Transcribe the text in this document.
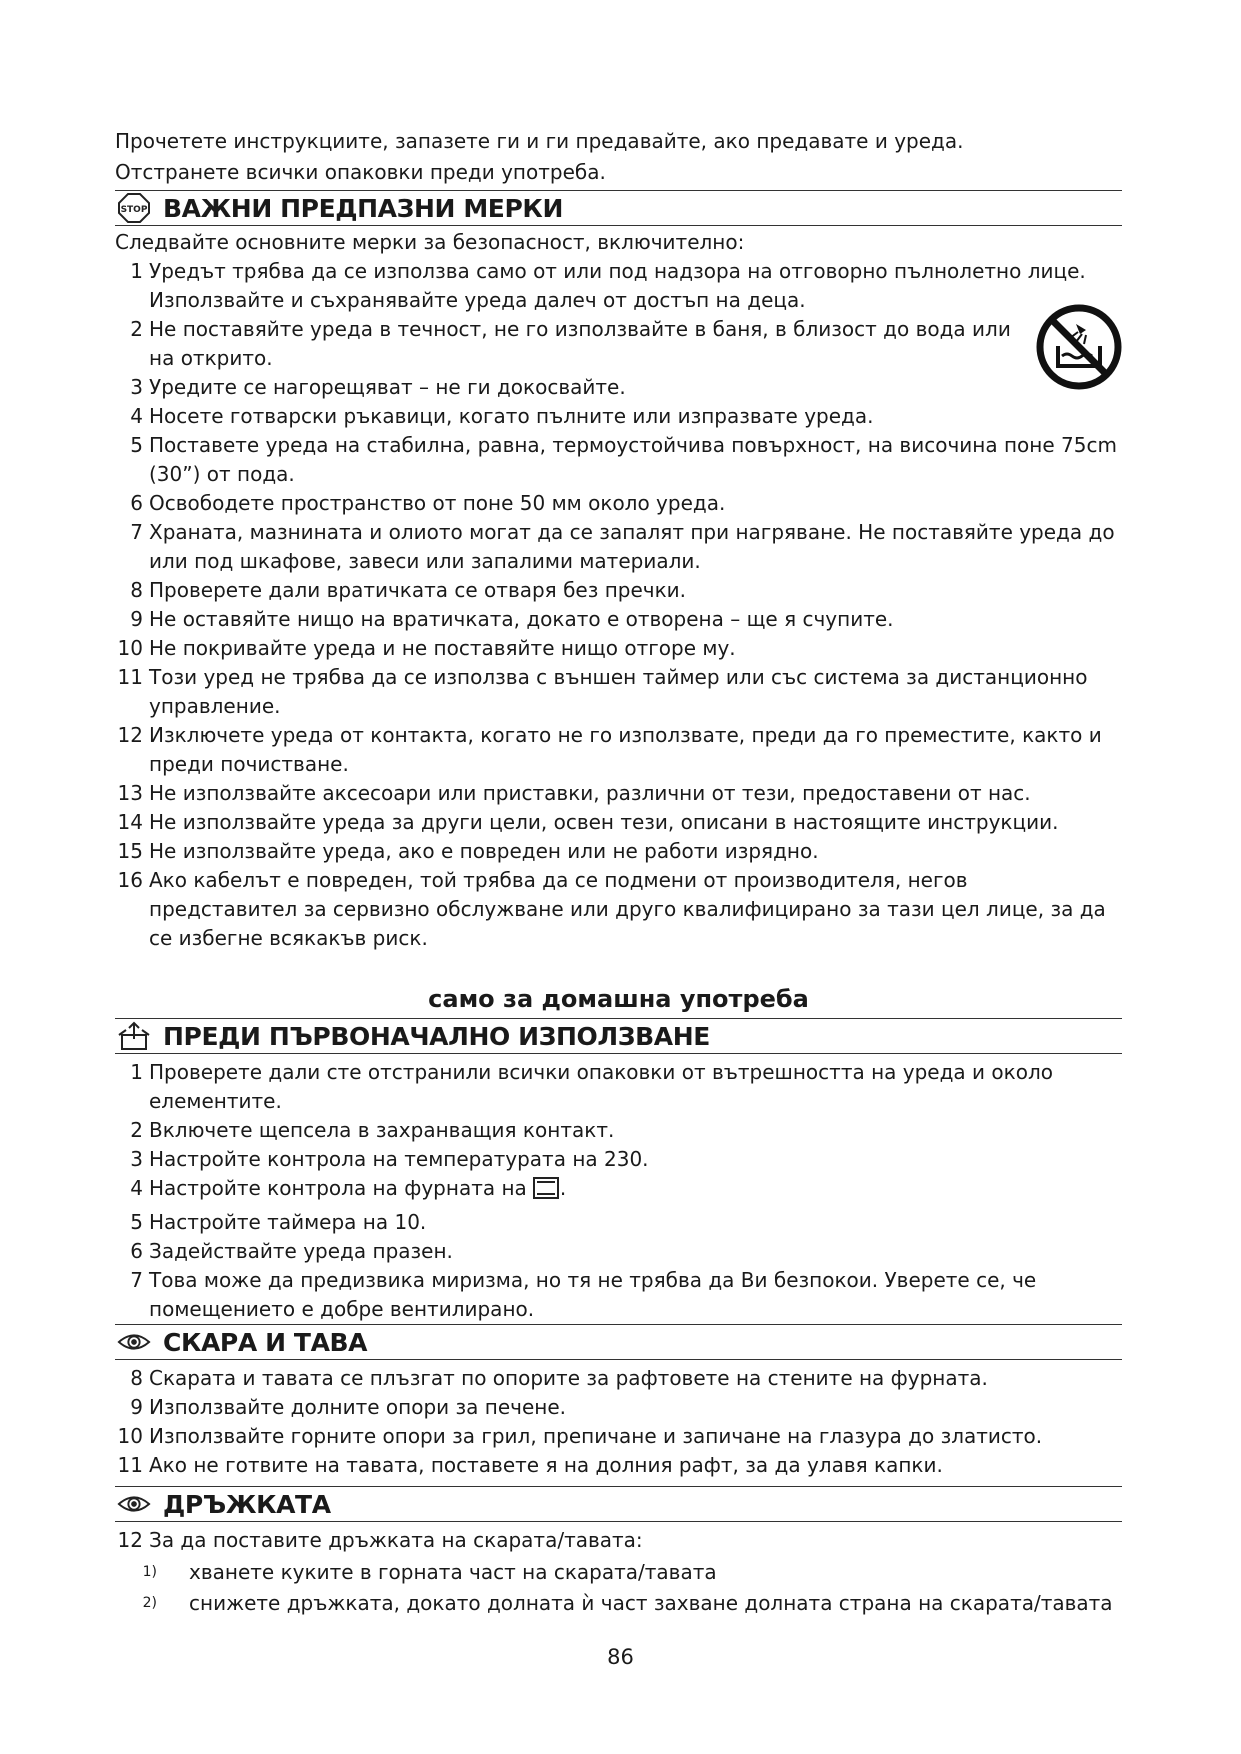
Прочетете инструкциите, запазете ги и ги предавайте, ако предавате и уреда.
Отстранете всички опаковки преди употреба.
STOP ВАЖНИ ПРЕДПАЗНИ МЕРКИ
Следвайте основните мерки за безопасност, включително:
1 Уредът трябва да се използва само от или под надзора на отговорно пълнолетно лице. Използвайте и съхранявайте уреда далеч от достъп на деца.
2 Не поставяйте уреда в течност, не го използвайте в баня, в близост до вода или на открито.
3 Уредите се нагорещяват – не ги докосвайте.
4 Носете готварски ръкавици, когато пълните или изпразвате уреда.
5 Поставете уреда на стабилна, равна, термоустойчива повърхност, на височина поне 75cm (30”) от пода.
6 Освободете пространство от поне 50 мм около уреда.
7 Храната, мазнината и олиото могат да се запалят при нагряване. Не поставяйте уреда до или под шкафове, завеси или запалими материали.
8 Проверете дали вратичката се отваря без пречки.
9 Не оставяйте нищо на вратичката, докато е отворена – ще я счупите.
10 Не покривайте уреда и не поставяйте нищо отгоре му.
11 Този уред не трябва да се използва с външен таймер или със система за дистанционно управление.
12 Изключете уреда от контакта, когато не го използвате, преди да го преместите, както и преди почистване.
13 Не използвайте аксесоари или приставки, различни от тези, предоставени от нас.
14 Не използвайте уреда за други цели, освен тези, описани в настоящите инструкции.
15 Не използвайте уреда, ако е повреден или не работи изрядно.
16 Ако кабелът е повреден, той трябва да се подмени от производителя, негов представител за сервизно обслужване или друго квалифицирано за тази цел лице, за да се избегне всякакъв риск.
само за домашна употреба
ПРЕДИ ПЪРВОНАЧАЛНО ИЗПОЛЗВАНЕ
1 Проверете дали сте отстранили всички опаковки от вътрешността на уреда и около елементите.
2 Включете щепсела в захранващия контакт.
3 Настройте контрола на температурата на 230.
4 Настройте контрола на фурната на .
5 Настройте таймера на 10.
6 Задействайте уреда празен.
7 Това може да предизвика миризма, но тя не трябва да Ви безпокои. Уверете се, че помещението е добре вентилирано.
СКАРА И ТАВА
8 Скарата и тавата се плъзгат по опорите за рафтовете на стените на фурната.
9 Използвайте долните опори за печене.
10 Използвайте горните опори за грил, препичане и запичане на глазура до златисто.
11 Ако не готвите на тавата, поставете я на долния рафт, за да улавя капки.
ДРЪЖКАТА
12 За да поставите дръжката на скарата/тавата:
1)	хванете куките в горната част на скарата/тавата
2)	снижете дръжката, докато долната ѝ част захване долната страна на скарата/тавата
86
